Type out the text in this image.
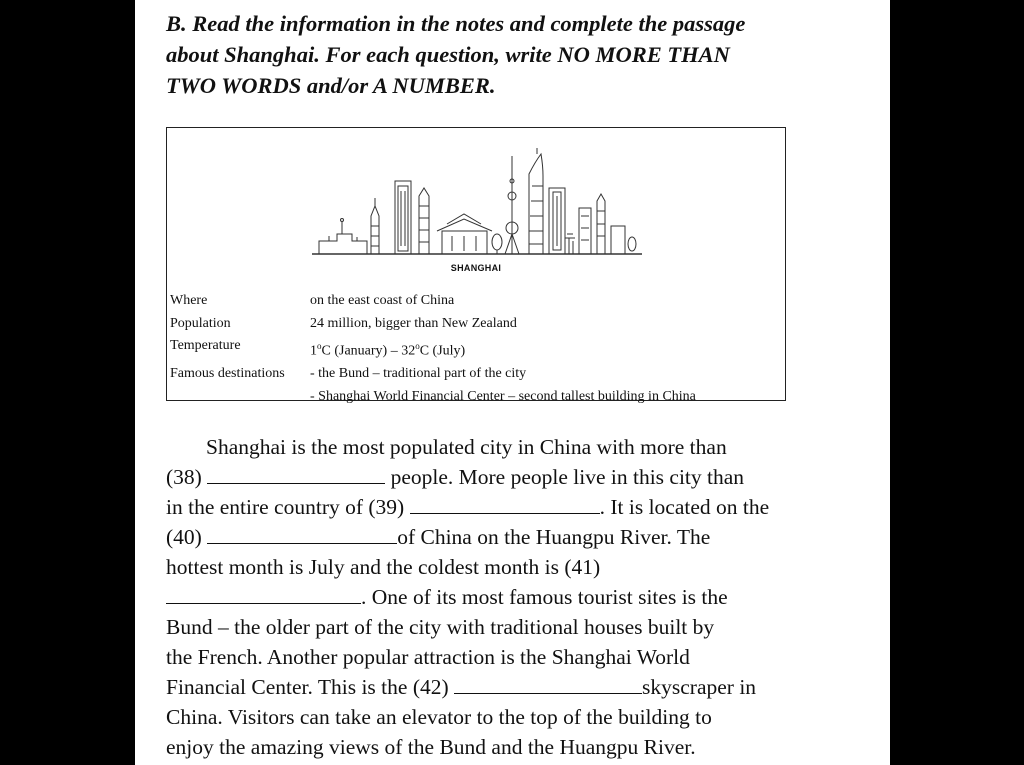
B. Read the information in the notes and complete the passage
about Shanghai. For each question, write NO MORE THAN
TWO WORDS and/or A NUMBER.
SHANGHAI
Where	on the east coast of China
Population	24 million, bigger than New Zealand
Temperature	1$^o$C (January) – 32$^o$C (July)
Famous destinations	- the Bund – traditional part of the city
- Shanghai World Financial Center – second tallest building in China
Shanghai is the most populated city in China with more than
(38)	people. More people live in this city than
in the entire country of (39)	. It is located on the
(40)	of China on the Huangpu River. The
hottest month is July and the coldest month is (41)
. One of its most famous tourist sites is the
Bund – the older part of the city with traditional houses built by
the French. Another popular attraction is the Shanghai World
Financial Center. This is the (42)	skyscraper in
China. Visitors can take an elevator to the top of the building to
enjoy the amazing views of the Bund and the Huangpu River.
